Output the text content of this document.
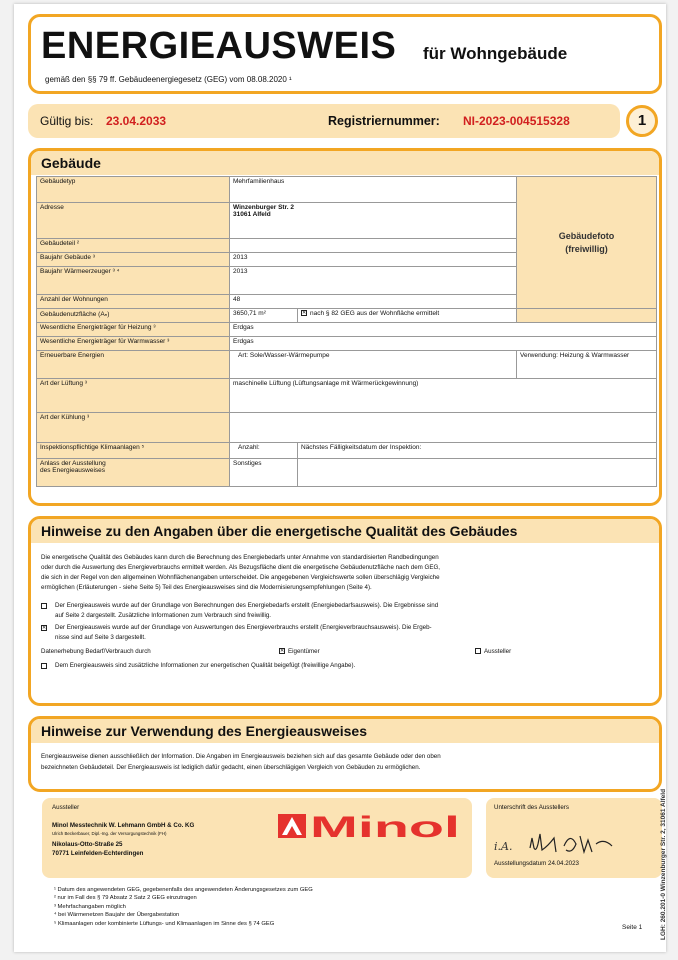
ENERGIEAUSWEIS für Wohngebäude
gemäß den §§ 79 ff. Gebäudeenergiegesetz (GEG) vom 08.08.2020 ¹
Gültig bis: 23.04.2033	Registriernummer: NI-2023-004515328	1
Gebäude
Gebäudetyp	Mehrfamilienhaus		Gebäudefoto
(freiwillig)

Adresse	Winzenburger Str. 2
31061 Alfeld		

Gebäudeteil ²			
Baujahr Gebäude ³	2013		
Baujahr Wärmeerzeuger ³ ⁴	2013		
Anzahl der Wohnungen	48		
Gebäudenutzfläche (Aₙ)	3650,71 m²	✕ nach § 82 GEG aus der Wohnfläche ermittelt	
Wesentliche Energieträger für Heizung ³	Erdgas		
Wesentliche Energieträger für Warmwasser ³	Erdgas		
Erneuerbare Energien	Art: Sole/Wasser-Wärmepumpe		Verwendung: Heizung & Warmwasser
Art der Lüftung ³	maschinelle Lüftung (Lüftungsanlage mit Wärmerückgewinnung)		
Art der Kühlung ³			
Inspektionspflichtige Klimaanlagen ⁵	Anzahl:	Nächstes Fälligkeitsdatum der Inspektion:	

Anlass der Ausstellung
des Energieausweises	Sonstiges		
Hinweise zu den Angaben über die energetische Qualität des Gebäudes
Die energetische Qualität des Gebäudes kann durch die Berechnung des Energiebedarfs unter Annahme von standardisierten Randbedingungen
oder durch die Auswertung des Energieverbrauchs ermittelt werden. Als Bezugsfläche dient die energetische Gebäudenutzfläche nach dem GEG,
die sich in der Regel von den allgemeinen Wohnflächenangaben unterscheidet. Die angegebenen Vergleichswerte sollen überschlägig Vergleiche
ermöglichen (Erläuterungen - siehe Seite 5) Teil des Energieausweises sind die Modernisierungsempfehlungen (Seite 4).
Der Energieausweis wurde auf der Grundlage von Berechnungen des Energiebedarfs erstellt (Energiebedarfsausweis). Die Ergebnisse sind
auf Seite 2 dargestellt. Zusätzliche Informationen zum Verbrauch sind freiwillig.
✕	Der Energieausweis wurde auf der Grundlage von Auswertungen des Energieverbrauchs erstellt (Energieverbrauchsausweis). Die Ergeb-
nisse sind auf Seite 3 dargestellt.
Datenerhebung Bedarf/Verbrauch durch	✕ Eigentümer	Aussteller
Dem Energieausweis sind zusätzliche Informationen zur energetischen Qualität beigefügt (freiwillige Angabe).
Hinweise zur Verwendung des Energieausweises
Energieausweise dienen ausschließlich der Information. Die Angaben im Energieausweis beziehen sich auf das gesamte Gebäude oder den oben
bezeichneten Gebäudeteil. Der Energieausweis ist lediglich dafür gedacht, einen überschlägigen Vergleich von Gebäuden zu ermöglichen.
Aussteller
Minol Messtechnik W. Lehmann GmbH & Co. KG
Ulrich Beckerbauer, Dipl.-Ing. der Versorgungstechnik (FH)
Nikolaus-Otto-Straße 25
70771 Leinfelden-Echterdingen
Minol
Unterschrift des Ausstellers
i.A.
Ausstellungsdatum 24.04.2023
¹ Datum des angewendeten GEG, gegebenenfalls des angewendeten Änderungsgesetzes zum GEG
² nur im Fall des § 79 Absatz 2 Satz 2 GEG einzutragen
³ Mehrfachangaben möglich
⁴ bei Wärmenetzen Baujahr der Übergabestation
⁵ Klimaanlagen oder kombinierte Lüftungs- und Klimaanlagen im Sinne des § 74 GEG
Seite 1	LGH: 260.201-0 Winzenburger Str. 2, 31061 Alfeld
